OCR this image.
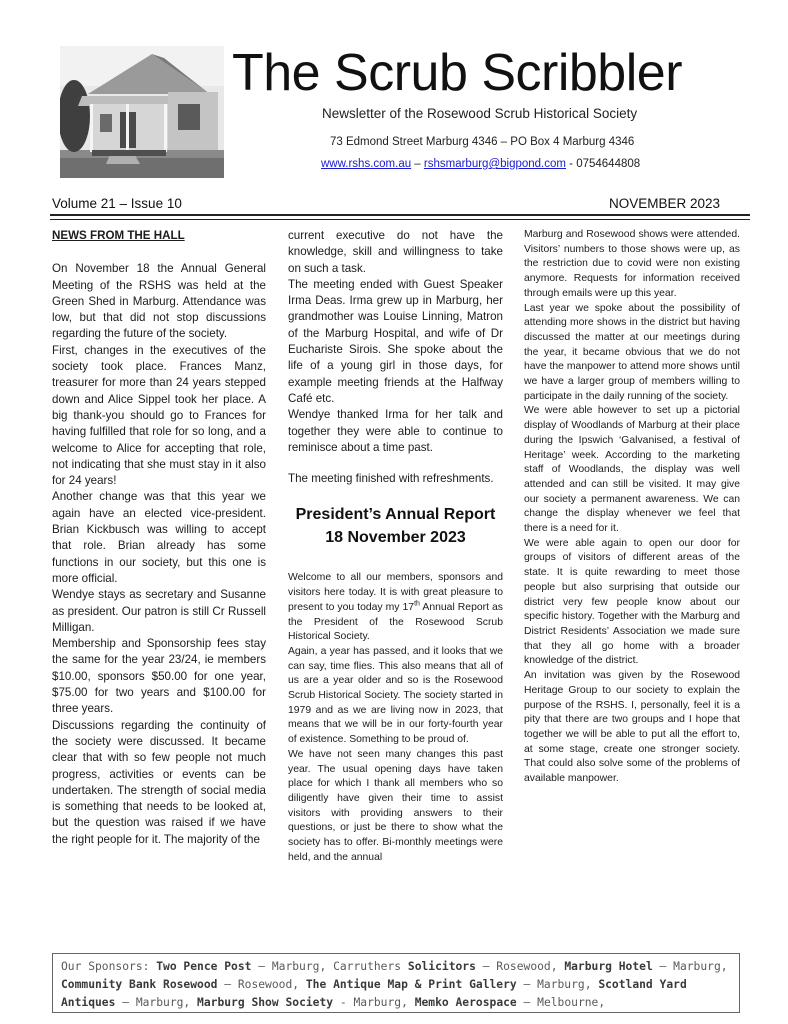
The Scrub Scribbler
Newsletter of the Rosewood Scrub Historical Society
73 Edmond Street Marburg 4346 – PO Box 4 Marburg 4346
www.rshs.com.au – rshsmarburg@bigpond.com - 0754644808
Volume 21 – Issue 10	NOVEMBER 2023
NEWS FROM THE HALL

On November 18 the Annual General Meeting of the RSHS was held at the Green Shed in Marburg. Attendance was low, but that did not stop discussions regarding the future of the society.

First, changes in the executives of the society took place. Frances Manz, treasurer for more than 24 years stepped down and Alice Sippel took her place. A big thank-you should go to Frances for having fulfilled that role for so long, and a welcome to Alice for accepting that role, not indicating that she must stay in it also for 24 years!

Another change was that this year we again have an elected vice-president. Brian Kickbusch was willing to accept that role. Brian already has some functions in our society, but this one is more official.

Wendye stays as secretary and Susanne as president. Our patron is still Cr Russell Milligan.

Membership and Sponsorship fees stay the same for the year 23/24, ie members $10.00, sponsors $50.00 for one year, $75.00 for two years and $100.00 for three years.

Discussions regarding the continuity of the society were discussed. It became clear that with so few people not much progress, activities or events can be undertaken. The strength of social media is something that needs to be looked at, but the question was raised if we have the right people for it. The majority of the

current executive do not have the knowledge, skill and willingness to take on such a task.

The meeting ended with Guest Speaker Irma Deas. Irma grew up in Marburg, her grandmother was Louise Linning, Matron of the Marburg Hospital, and wife of Dr Euchariste Sirois. She spoke about the life of a young girl in those days, for example meeting friends at the Halfway Café etc.

Wendye thanked Irma for her talk and together they were able to continue to reminisce about a time past.

The meeting finished with refreshments.

President’s Annual Report
18 November 2023

Welcome to all our members, sponsors and visitors here today. It is with great pleasure to present to you today my 17th Annual Report as the President of the Rosewood Scrub Historical Society.

Again, a year has passed, and it looks that we can say, time flies. This also means that all of us are a year older and so is the Rosewood Scrub Historical Society. The society started in 1979 and as we are living now in 2023, that means that we will be in our forty-fourth year of existence. Something to be proud of.

We have not seen many changes this past year. The usual opening days have taken place for which I thank all members who so diligently have given their time to assist visitors with providing answers to their questions, or just be there to show what the society has to offer. Bi-monthly meetings were held, and the annual

Marburg and Rosewood shows were attended. Visitors’ numbers to those shows were up, as the restriction due to covid were non existing anymore. Requests for information received through emails were up this year.

Last year we spoke about the possibility of attending more shows in the district but having discussed the matter at our meetings during the year, it became obvious that we do not have the manpower to attend more shows until we have a larger group of members willing to participate in the daily running of the society.

We were able however to set up a pictorial display of Woodlands of Marburg at their place during the Ipswich ‘Galvanised, a festival of Heritage’ week. According to the marketing staff of Woodlands, the display was well attended and can still be visited. It may give our society a permanent awareness. We can change the display whenever we feel that there is a need for it.

We were able again to open our door for groups of visitors of different areas of the state. It is quite rewarding to meet those people but also surprising that outside our district very few people know about our specific history. Together with the Marburg and District Residents’ Association we made sure that they all go home with a broader knowledge of the district.

An invitation was given by the Rosewood Heritage Group to our society to explain the purpose of the RSHS. I, personally, feel it is a pity that there are two groups and I hope that together we will be able to put all the effort to, at some stage, create one stronger society. That could also solve some of the problems of available manpower.

Our Sponsors: Two Pence Post – Marburg, Carruthers Solicitors – Rosewood, Marburg Hotel – Marburg, Community Bank Rosewood – Rosewood, The Antique Map & Print Gallery – Marburg, Scotland Yard Antiques – Marburg, Marburg Show Society - Marburg, Memko Aerospace – Melbourne,
